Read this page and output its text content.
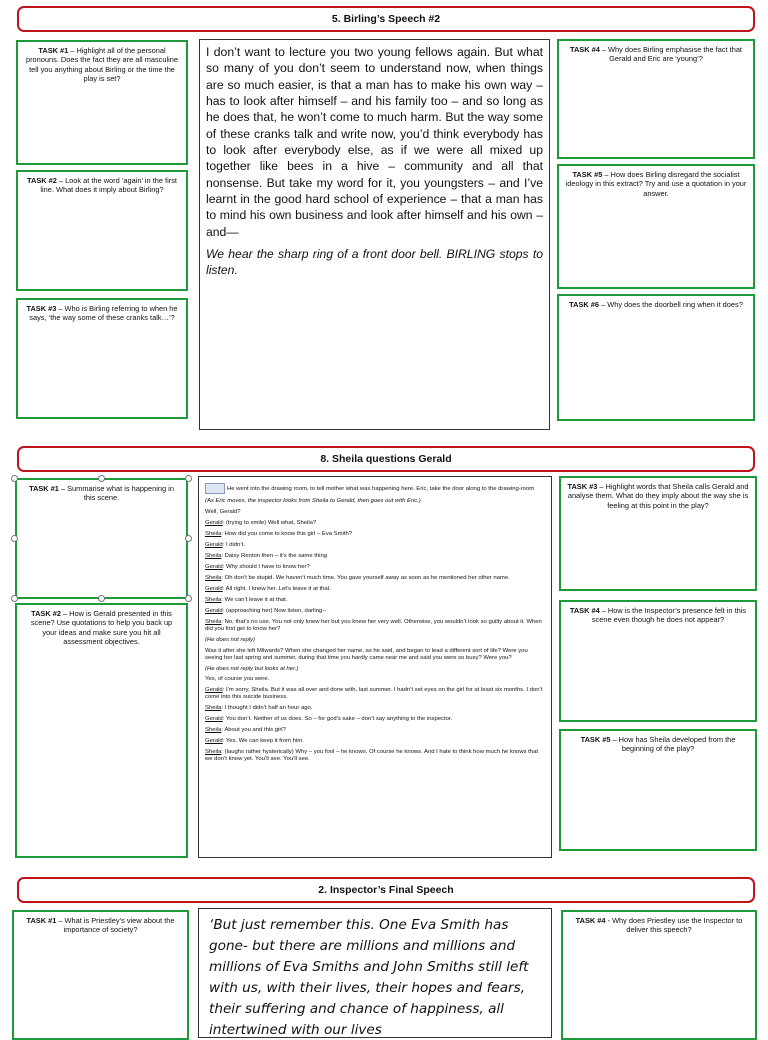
5. Birling’s Speech #2
TASK #1 – Highlight all of the personal pronouns. Does the fact they are all masculine tell you anything about Birling or the time the play is set?
TASK #2 – Look at the word ‘again’ in the first line. What does it imply about Birling?
TASK #3 – Who is Birling referring to when he says, ‘the way some of these cranks talk…’?
I don’t want to lecture you two young fellows again. But what so many of you don’t seem to understand now, when things are so much easier, is that a man has to make his own way – has to look after himself – and his family too – and so long as he does that, he won’t come to much harm. But the way some of these cranks talk and write now, you’d think everybody has to look after everybody else, as if we were all mixed up together like bees in a hive – community and all that nonsense. But take my word for it, you youngsters – and I’ve learnt in the good hard school of experience – that a man has to mind his own business and look after himself and his own – and—
We hear the sharp ring of a front door bell. BIRLING stops to listen.
TASK #4 – Why does Birling emphasise the fact that Gerald and Eric are ‘young’?
TASK #5 – How does Birling disregard the socialist ideology in this extract? Try and use a quotation in your answer.
TASK #6 – Why does the doorbell ring when it does?
8. Sheila questions Gerald
TASK #1 – Summarise what is happening in this scene.
TASK #2 – How is Gerald presented in this scene? Use quotations to help you back up your ideas and make sure you hit all assessment objectives.

He went into the drawing room, to tell mother what was happening here. Eric, take the door along to the drawing-room

(As Eric moves, the inspector looks from Sheila to Gerald, then goes out with Eric.)

Well, Gerald?

Gerald: (trying to smile) Well what, Sheila?

Sheila: How did you come to know this girl – Eva Smith?

Gerald: I didn’t.

Sheila: Daisy Renton then – it’s the same thing

Gerald: Why should I have to know her?

Sheila: Oh don’t be stupid. We haven’t much time. You gave yourself away as soon as he mentioned her other name.

Gerald: All right. I knew her. Let’s leave it at that.

Sheila: We can’t leave it at that.

Gerald: (approaching her) Now listen, darling--

Sheila: No, that’s no use. You not only knew her but you knew her very well. Otherwise, you wouldn’t look so guilty about it. When did you first get to know her?

(He does not reply)

Was it after she left Milwards? When she changed her name, as he said, and began to lead a different sort of life? Were you seeing her last spring and summer, during that time you hardly came near me and said you were so busy? Were you?

(He does not reply but looks at her.)

Yes, of course you were.

Gerald: I’m sorry, Sheila. But it was all over and done with, last summer. I hadn’t set eyes on the girl for at least six months. I don’t come into this suicide business.

Sheila: I thought I didn’t half an hour ago.

Gerald: You don’t. Neither of us does. So – for god’s sake – don’t say anything to the inspector.

Sheila: About you and this girl?

Gerald: Yes. We can keep it from him.

Sheila: (laughs rather hysterically) Why – you fool – he knows. Of course he knows. And I hate to think how much he knows that we don’t know yet. You’ll see. You’ll see.

TASK #3 – Highlight words that Sheila calls Gerald and analyse them. What do they imply about the way she is feeling at this point in the play?
TASK #4 – How is the Inspector’s presence felt in this scene even though he does not appear?
TASK #5 – How has Sheila developed from the beginning of the play?
2. Inspector’s Final Speech
TASK #1 – What is Priestley’s view about the importance of society?	‘But just remember this. One Eva Smith has gone- but there are millions and millions and millions of Eva Smiths and John Smiths still left with us, with their lives, their hopes and fears, their suffering and chance of happiness, all intertwined with our lives
TASK #4 - Why does Priestley use the Inspector to deliver this speech?
